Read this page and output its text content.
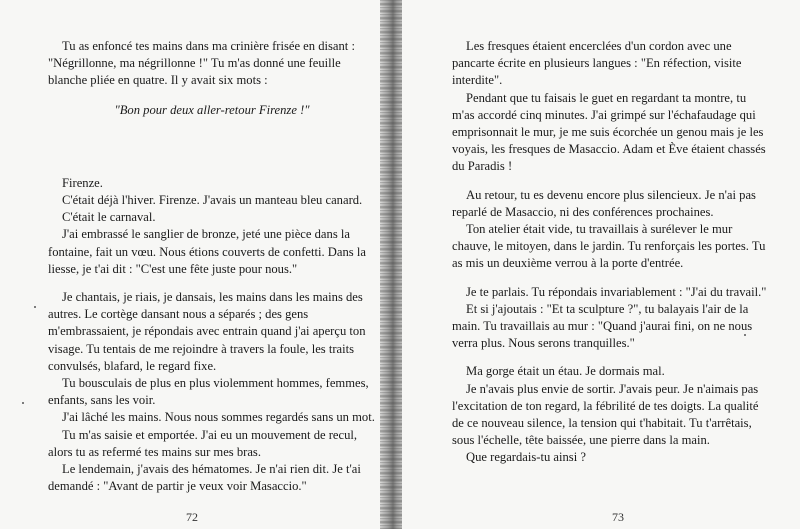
Tu as enfoncé tes mains dans ma crinière frisée en disant : "Négrillonne, ma négrillonne !" Tu m'as donné une feuille blanche pliée en quatre. Il y avait six mots :

"Bon pour deux aller-retour Firenze !"

Firenze.

C'était déjà l'hiver. Firenze. J'avais un manteau bleu canard.

C'était le carnaval.

J'ai embrassé le sanglier de bronze, jeté une pièce dans la fontaine, fait un vœu. Nous étions couverts de confetti. Dans la liesse, je t'ai dit : "C'est une fête juste pour nous."

Je chantais, je riais, je dansais, les mains dans les mains des autres. Le cortège dansant nous a séparés ; des gens m'embrassaient, je répondais avec entrain quand j'ai aperçu ton visage. Tu tentais de me rejoindre à travers la foule, les traits convulsés, blafard, le regard fixe.

Tu bousculais de plus en plus violemment hommes, femmes, enfants, sans les voir.

J'ai lâché les mains. Nous nous sommes regardés sans un mot.

Tu m'as saisie et emportée. J'ai eu un mouvement de recul, alors tu as refermé tes mains sur mes bras.

Le lendemain, j'avais des hématomes. Je n'ai rien dit. Je t'ai demandé : "Avant de partir je veux voir Masaccio."

72

Les fresques étaient encerclées d'un cordon avec une pancarte écrite en plusieurs langues : "En réfection, visite interdite".

Pendant que tu faisais le guet en regardant ta montre, tu m'as accordé cinq minutes. J'ai grimpé sur l'échafaudage qui emprisonnait le mur, je me suis écorchée un genou mais je les voyais, les fresques de Masaccio. Adam et Ève étaient chassés du Paradis !

Au retour, tu es devenu encore plus silencieux. Je n'ai pas reparlé de Masaccio, ni des conférences prochaines.

Ton atelier était vide, tu travaillais à surélever le mur chauve, le mitoyen, dans le jardin. Tu renforçais les portes. Tu as mis un deuxième verrou à la porte d'entrée.

Je te parlais. Tu répondais invariablement : "J'ai du travail."

Et si j'ajoutais : "Et ta sculpture ?", tu balayais l'air de la main. Tu travaillais au mur : "Quand j'aurai fini, on ne nous verra plus. Nous serons tranquilles."

Ma gorge était un étau. Je dormais mal.

Je n'avais plus envie de sortir. J'avais peur. Je n'aimais pas l'excitation de ton regard, la fébrilité de tes doigts. La qualité de ce nouveau silence, la tension qui t'habitait. Tu t'arrêtais, sous l'échelle, tête baissée, une pierre dans la main.

Que regardais-tu ainsi ?

73
